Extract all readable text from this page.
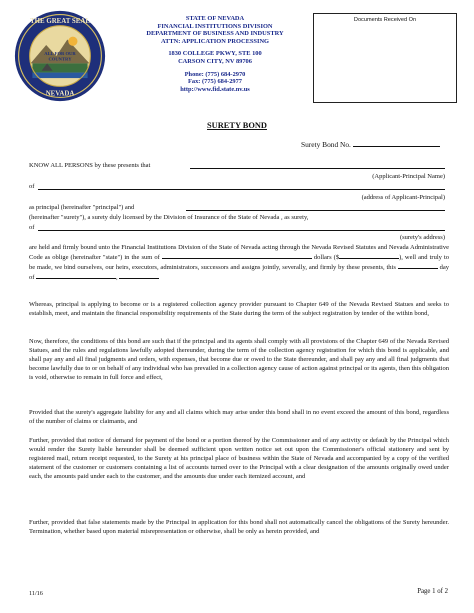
THE GREAT SEAL
NEVADA
ALL FOR OUR
COUNTRY
STATE OF NEVADA
FINANCIAL INSTITUTIONS DIVISION
DEPARTMENT OF BUSINESS AND INDUSTRY
ATTN: APPLICATION PROCESSING
1830 COLLEGE PKWY, STE 100
CARSON CITY, NV 89706
Phone: (775) 684-2970
Fax: (775) 684-2977
http://www.fid.state.nv.us
Documents Received On
SURETY BOND
Surety Bond No.
KNOW ALL PERSONS by these presents that
(Applicant-Principal Name)
of
(address of Applicant-Principal)
as principal (hereinafter "principal") and
(hereinafter "surety"), a surety duly licensed by the Division of Insurance of the State of Nevada , as surety,
of
(surety's address)
are held and firmly bound unto the Financial Institutions Division of the State of Nevada acting through the Nevada Revised Statutes and Nevada Administrative Code as oblige (hereinafter "state") in the sum of	dollars ($	), well and truly to be made, we bind ourselves, our heirs, executors, administrators, successors and assigns jointly, severally, and firmly by these presents, this	day of	,
Whereas, principal is applying to become or is a registered collection agency provider pursuant to Chapter 649 of the Nevada Revised Statues and seeks to establish, meet, and maintain the financial responsibility requirements of the State during the term of the subject registration by tender of the within bond,
Now, therefore, the conditions of this bond are such that if the principal and its agents shall comply with all provisions of the Chapter 649 of the Nevada Revised Statues, and the rules and regulations lawfully adopted thereunder, during the term of the collection agency registration for which this bond is applicable, and shall pay any and all final judgments and orders, with expenses, that become due or owed to the State thereunder, and shall pay any and all final judgments that become lawfully due to or on behalf of any individual who has prevailed in a collection agency cause of action against principal or its agents, then this obligation is void, otherwise to remain in full force and effect,
Provided that the surety's aggregate liability for any and all claims which may arise under this bond shall in no event exceed the amount of this bond, regardless of the number of claims or claimants, and
Further, provided that notice of demand for payment of the bond or a portion thereof by the Commissioner and of any activity or default by the Principal which would render the Surety liable hereunder shall be deemed sufficient upon written notice set out upon the Commissioner's official stationery and sent by registered mail, return receipt requested, to the Surety at his principal place of business within the State of Nevada and accompanied by a copy of the verified statement of the customer or customers containing a list of accounts turned over to the Principal with a clear designation of the amounts originally owed under each, the amounts paid under each to the customer, and the amounts due under each itemized account, and
Further, provided that false statements made by the Principal in application for this bond shall not automatically cancel the obligations of the Surety hereunder. Termination, whether based upon material misrepresentation or otherwise, shall be only as herein provided, and
11/16	Page 1 of 2
